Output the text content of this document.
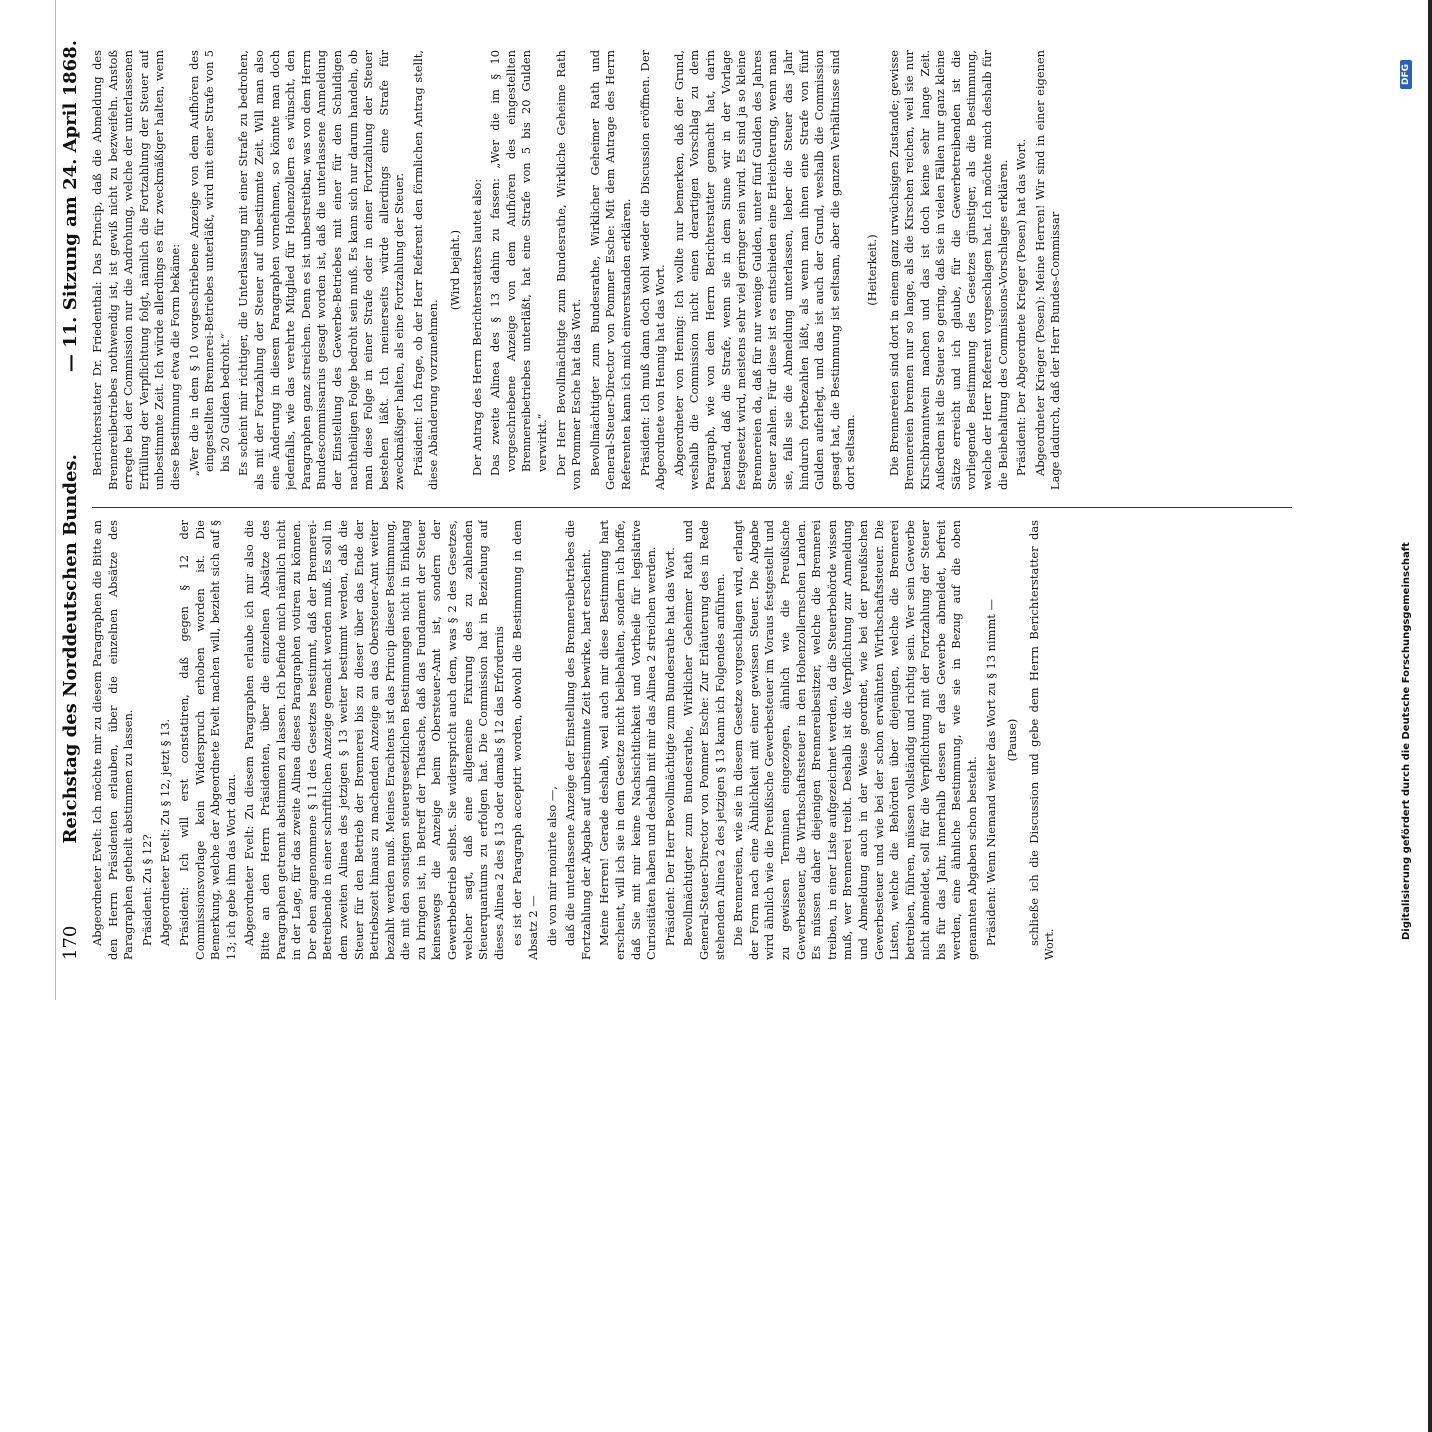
170
Reichstag des Norddeutschen Bundes.
— 11. Sitzung am 24. April 1868.

Abgeordneter Evelt: Ich möchte mir zu diesem Paragraphen die Bitte an den Herrn Präsidenten erlauben, über die einzelnen Absätze des Paragraphen getheilt abstimmen zu lassen. Präsident: Zu § 12? Abgeordneter Evelt: Zu § 12, jetzt § 13. Präsident: Ich will erst constatiren, daß gegen § 12 der Commissionsvorlage kein Widerspruch erhoben worden ist. Die Bemerkung, welche der Abgeordnete Evelt machen will, bezieht sich auf § 13; ich gebe ihm das Wort dazu. Abgeordneter Evelt: Zu diesem Paragraphen erlaube ich mir also die Bitte an den Herrn Präsidenten, über die einzelnen Absätze des Paragraphen getrennt abstimmen zu lassen. Ich befinde mich nämlich nicht in der Lage, für das zweite Alinea dieses Paragraphen votiren zu können. Der eben angenommene § 11 des Gesetzes bestimmt, daß der Brennerei-Betreibende in einer schriftlichen Anzeige gemacht werden muß. Es soll in dem zweiten Alinea des jetzigen § 13 weiter bestimmt werden, daß die Steuer für den Betrieb der Brennerei bis zu dieser über das Ende der Betriebszeit hinaus zu machenden Anzeige an das Obersteuer-Amt weiter bezahlt werden muß. Meines Erachtens ist das Princip dieser Bestimmung, die mit den sonstigen steuergesetzlichen Bestimmungen nicht in Einklang zu bringen ist, in Betreff der Thatsache, daß das Fundament der Steuer keineswegs die Anzeige beim Obersteuer-Amt ist, sondern der Gewerbebetrieb selbst. Sie widerspricht auch dem, was § 2 des Gesetzes, welcher sagt, daß eine allgemeine Fixirung des zu zahlenden Steuerquantums zu erfolgen hat. Die Commission hat in Beziehung auf dieses Alinea 2 des § 13 oder damals § 12 das Erfordernis es ist der Paragraph acceptirt worden, obwohl die Bestimmung in dem Absatz 2 — die von mir monirte also —, daß die unterlassene Anzeige der Einstellung des Brennereibetriebes die Fortzahlung der Abgabe auf unbestimmte Zeit bewirke, hart erscheint. Meine Herren! Gerade deshalb, weil auch mir diese Bestimmung hart erscheint, will ich sie in dem Gesetze nicht beibehalten, sondern ich hoffe, daß Sie mit mir keine Nachsichtlichkeit und Vortheile für legislative Curiositäten haben und deshalb mit mir das Alinea 2 streichen werden. Präsident: Der Herr Bevollmächtigte zum Bundesrathe hat das Wort. Bevollmächtigter zum Bundesrathe, Wirklicher Geheimer Rath und General-Steuer-Director von Pommer Esche: Zur Erläuterung des in Rede stehenden Alinea 2 des jetzigen § 13 kann ich Folgendes anführen. Die Brennereien, wie sie in diesem Gesetze vorgeschlagen wird, erlangt der Form nach eine Ähnlichkeit mit einer gewissen Steuer. Die Abgabe wird ähnlich wie die Preußische Gewerbesteuer im Voraus festgestellt und zu gewissen Terminen eingezogen, ähnlich wie die Preußische Gewerbesteuer, die Wirthschaftssteuer in den Hohenzollernschen Landen. Es müssen daher diejenigen Brennereibesitzer, welche die Brennerei treiben, in einer Liste aufgezeichnet werden, da die Steuerbehörde wissen muß, wer Brennerei treibt. Deshalb ist die Verpflichtung zur Anmeldung und Abmeldung auch in der Weise geordnet, wie bei der preußischen Gewerbesteuer und wie bei der schon erwähnten Wirthschaftssteuer. Die Listen, welche die Behörden über diejenigen, welche die Brennerei betreiben, führen, müssen vollständig und richtig sein. Wer sein Gewerbe nicht abmeldet, soll für die Verpflichtung mit der Fortzahlung der Steuer bis für das Jahr, innerhalb dessen er das Gewerbe abmeldet, befreit werden, eine ähnliche Bestimmung, wie sie in Bezug auf die oben genannten Abgaben schon besteht. Präsident: Wenn Niemand weiter das Wort zu § 13 nimmt — (Pause) schließe ich die Discussion und gebe dem Herrn Berichterstatter das Wort.

Berichterstatter Dr. Friedenthal: Das Princip, daß die Abmeldung des Brennereibetriebes nothwendig ist, ist gewiß nicht zu bezweifeln. Anstoß erregte bei der Commission nur die Androhung, welche der unterlassenen Erfüllung der Verpflichtung folgt, nämlich die Fortzahlung der Steuer auf unbestimmte Zeit. Ich würde allerdings es für zweckmäßiger halten, wenn diese Bestimmung etwa die Form bekäme: „Wer die in dem § 10 vorgeschriebene Anzeige von dem Aufhören des eingestellten Brennerei-Betriebes unterläßt, wird mit einer Strafe von 5 bis 20 Gulden bedroht.“ Es scheint mir richtiger, die Unterlassung mit einer Strafe zu bedrohen, als mit der Fortzahlung der Steuer auf unbestimmte Zeit. Will man also eine Änderung in diesem Paragraphen vornehmen, so könnte man doch jedenfalls, wie das verehrte Mitglied für Hohenzollern es wünscht, den Paragraphen ganz streichen. Denn es ist unbestreitbar, was von dem Herrn Bundescommissarius gesagt worden ist, daß die unterlassene Anmeldung der Einstellung des Gewerbe-Betriebes mit einer für den Schuldigen nachtheiligen Folge bedroht sein muß. Es kann sich nur darum handeln, ob man diese Folge in einer Strafe oder in einer Fortzahlung der Steuer bestehen läßt. Ich meinerseits würde allerdings eine Strafe für zweckmäßiger halten, als eine Fortzahlung der Steuer. Präsident: Ich frage, ob der Herr Referent den förmlichen Antrag stellt, diese Abänderung vorzunehmen.

(Wird bejaht.) Der Antrag des Herrn Berichterstatters lautet also: Das zweite Alinea des § 13 dahin zu fassen: „Wer die im § 10 vorgeschriebene Anzeige von dem Aufhören des eingestellten Brennereibetriebes unterläßt, hat eine Strafe von 5 bis 20 Gulden verwirkt.“ Der Herr Bevollmächtigte zum Bundesrathe, Wirkliche Geheime Rath von Pommer Esche hat das Wort. Bevollmächtigter zum Bundesrathe, Wirklicher Geheimer Rath und General-Steuer-Director von Pommer Esche: Mit dem Antrage des Herrn Referenten kann ich mich einverstanden erklären. Präsident: Ich muß dann doch wohl wieder die Discussion eröffnen. Der Abgeordnete von Hennig hat das Wort. Abgeordneter von Hennig: Ich wollte nur bemerken, daß der Grund, weshalb die Commission nicht einen derartigen Vorschlag zu dem Paragraph, wie von dem Herrn Berichterstatter gemacht hat, darin bestand, daß die Strafe, wenn sie in dem Sinne wir in der Vorlage festgesetzt wird, meistens sehr viel geringer sein wird. Es sind ja so kleine Brennereien da, daß für nur wenige Gulden, unter fünf Gulden des Jahres Steuer zahlen. Für diese ist es entschieden eine Erleichterung, wenn man sie, falls sie die Abmeldung unterlassen, lieber die Steuer das Jahr hindurch fortbezahlen läßt, als wenn man ihnen eine Strafe von fünf Gulden auferlegt, und das ist auch der Grund, weshalb die Commission gesagt hat, die Bestimmung ist seltsam, aber die ganzen Verhältnisse sind dort seltsam.

(Heiterkeit.) Die Brennereien sind dort in einem ganz urwüchsigen Zustande; gewisse Brennereien brennen nur so lange, als die Kirschen reichen, weil sie nur Kirschbranntwein machen und das ist doch keine sehr lange Zeit. Außerdem ist die Steuer so gering, daß sie in vielen Fällen nur ganz kleine Sätze erreicht und ich glaube, für die Gewerbetreibenden ist die vorliegende Bestimmung des Gesetzes günstiger, als die Bestimmung, welche der Herr Referent vorgeschlagen hat. Ich möchte mich deshalb für die Beibehaltung des Commissions-Vorschlages erklären. Präsident: Der Abgeordnete Krieger (Posen) hat das Wort. Abgeordneter Krieger (Posen): Meine Herren! Wir sind in einer eigenen Lage dadurch, daß der Herr Bundes-Commissar

Digitalisierung gefördert durch die Deutsche Forschungsgemeinschaft
DFG
